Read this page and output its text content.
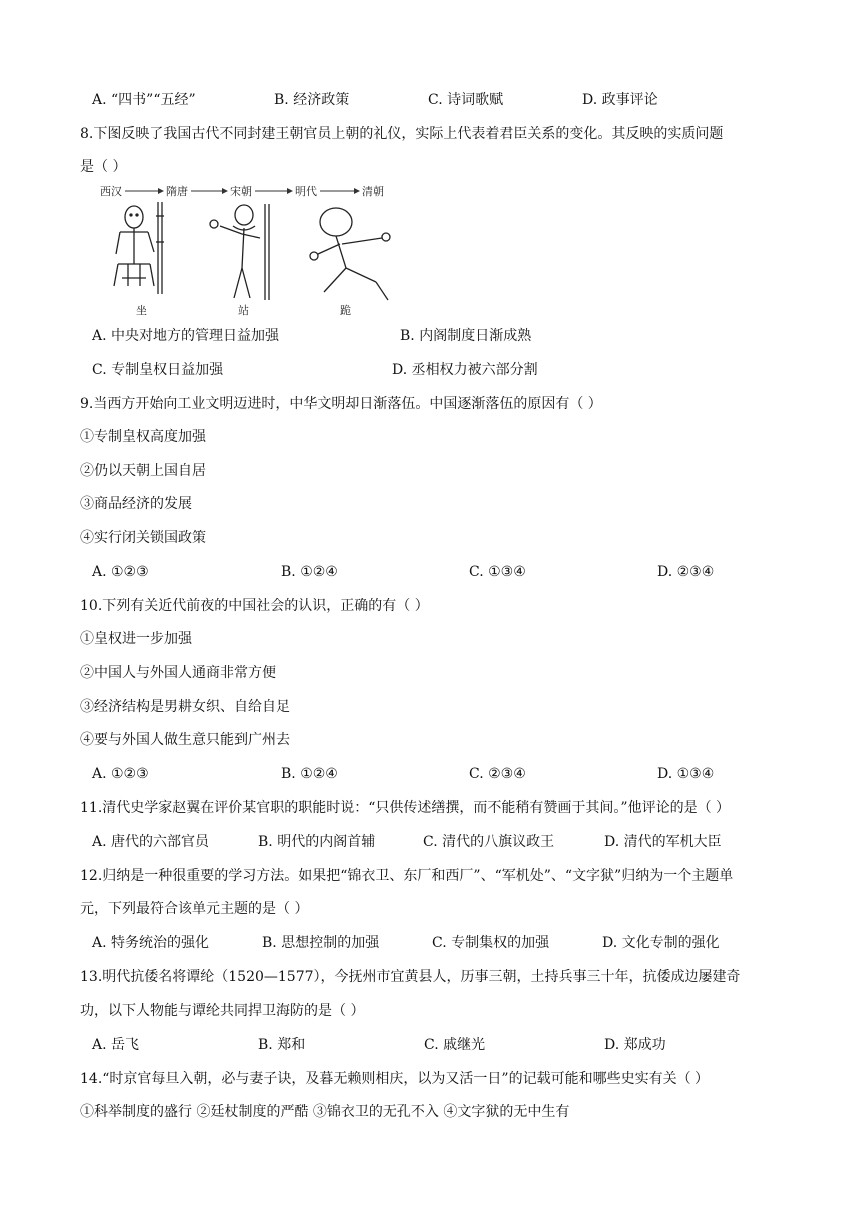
A. “四书”“五经”	B. 经济政策	C. 诗词歌赋	D. 政事评论
8.下图反映了我国古代不同封建王朝官员上朝的礼仪，实际上代表着君臣关系的变化。其反映的实质问题
是（ ）
西汉	隋唐	宋朝	明代	清朝
坐	站	跪
A. 中央对地方的管理日益加强	B. 内阁制度日渐成熟
C. 专制皇权日益加强	D. 丞相权力被六部分割
9.当西方开始向工业文明迈进时，中华文明却日渐落伍。中国逐渐落伍的原因有（ ）
①专制皇权高度加强
②仍以天朝上国自居
③商品经济的发展
④实行闭关锁国政策
A. ①②③	B. ①②④	C. ①③④	D. ②③④
10.下列有关近代前夜的中国社会的认识，正确的有（ ）
①皇权进一步加强
②中国人与外国人通商非常方便
③经济结构是男耕女织、自给自足
④要与外国人做生意只能到广州去
A. ①②③	B. ①②④	C. ②③④	D. ①③④
11.清代史学家赵翼在评价某官职的职能时说：“只供传述缮撰，而不能稍有赞画于其间。”他评论的是（ ）
A. 唐代的六部官员	B. 明代的内阁首辅	C. 清代的八旗议政王	D. 清代的军机大臣
12.归纳是一种很重要的学习方法。如果把“锦衣卫、东厂和西厂”、“军机处”、“文字狱”归纳为一个主题单
元，下列最符合该单元主题的是（ ）
A. 特务统治的强化	B. 思想控制的加强	C. 专制集权的加强	D. 文化专制的强化
13.明代抗倭名将谭纶（1520—1577），今抚州市宜黄县人，历事三朝，土持兵事三十年，抗倭成边屡建奇
功，以下人物能与谭纶共同捍卫海防的是（ ）
A. 岳飞	B. 郑和	C. 戚继光	D. 郑成功
14.“时京官每旦入朝，必与妻子诀，及暮无赖则相庆，以为又活一日”的记载可能和哪些史实有关（ ）
①科举制度的盛行 ②廷杖制度的严酷 ③锦衣卫的无孔不入 ④文字狱的无中生有
